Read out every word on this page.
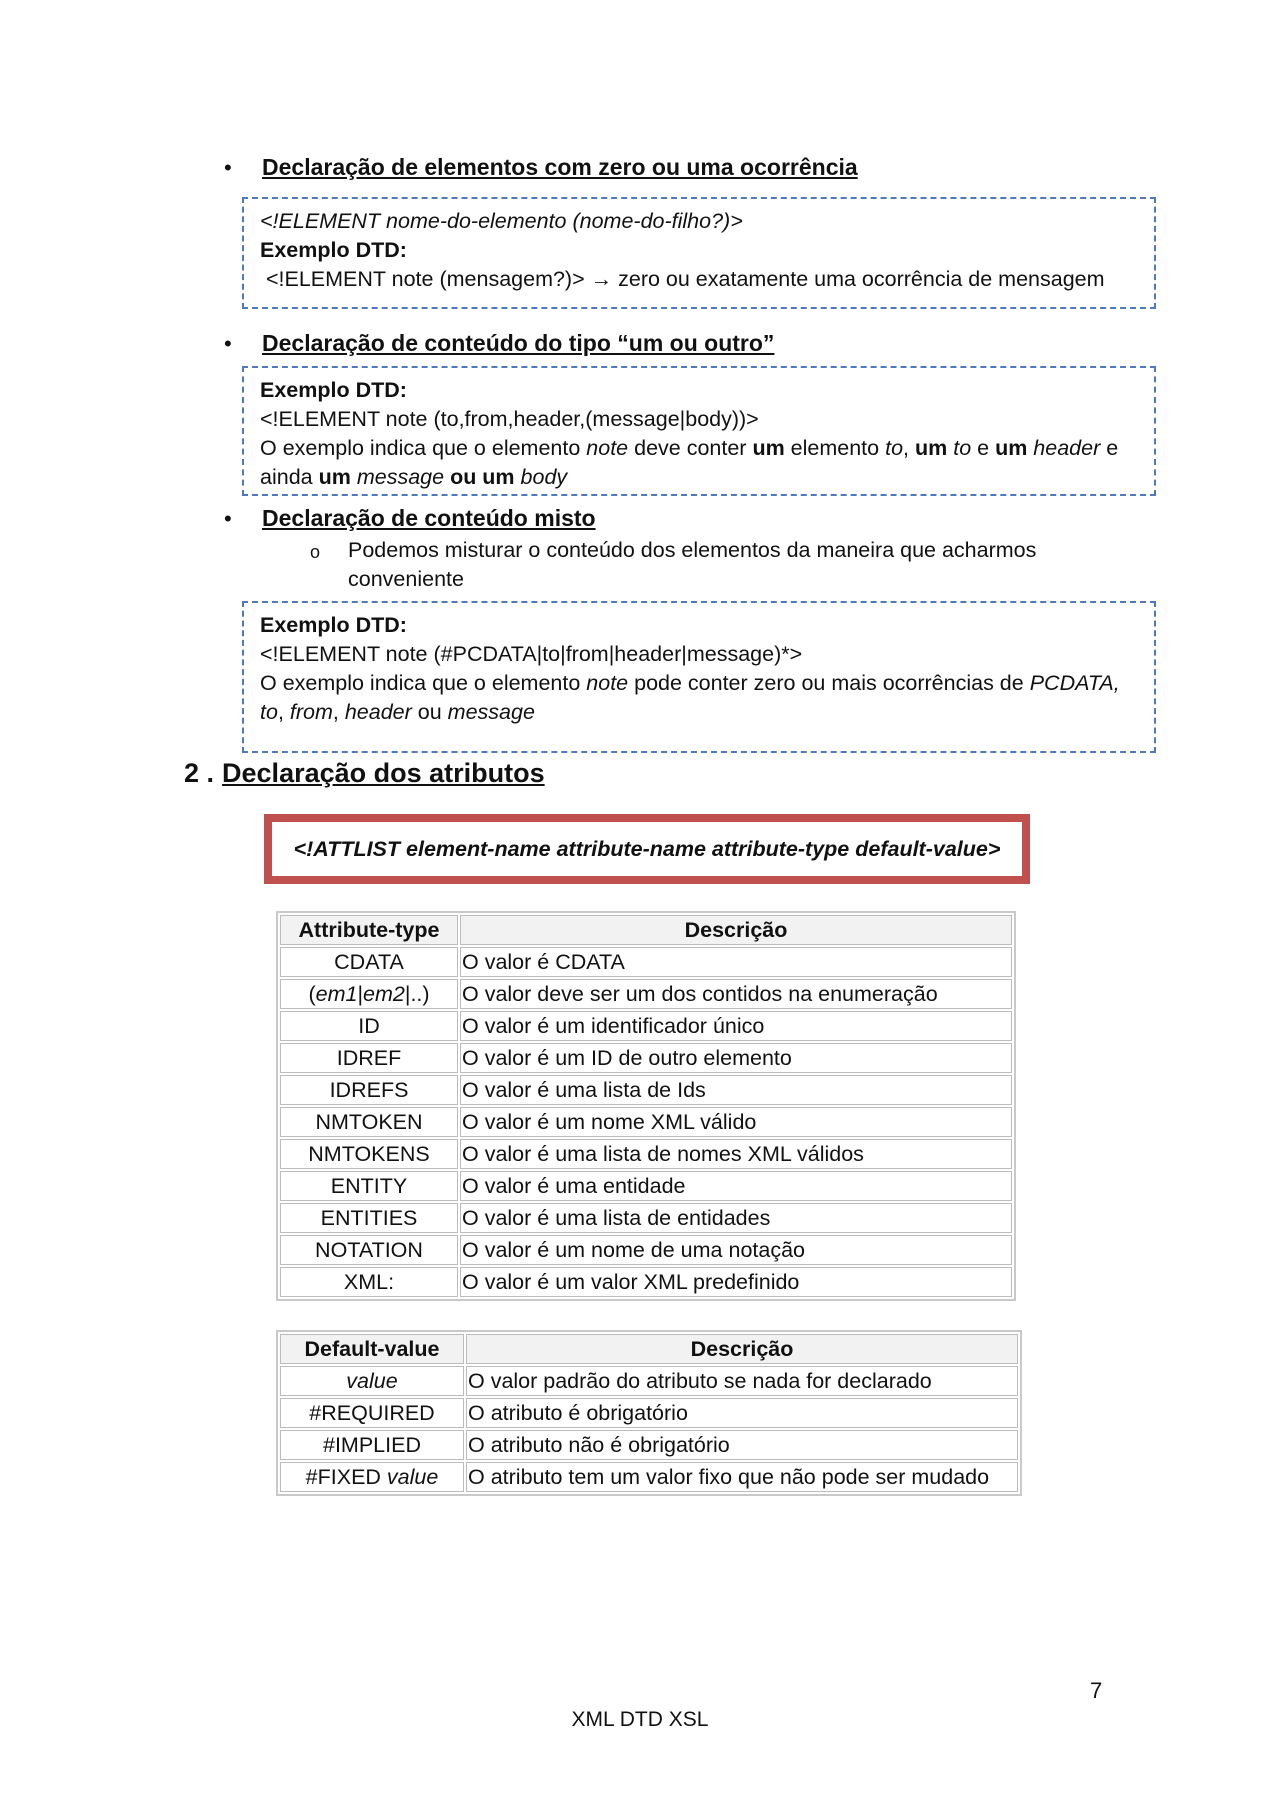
• Declaração de elementos com zero ou uma ocorrência
<!ELEMENT nome-do-elemento (nome-do-filho?)>
Exemplo DTD:
<!ELEMENT note (mensagem?)> → zero ou exatamente uma ocorrência de mensagem
• Declaração de conteúdo do tipo “um ou outro”
Exemplo DTD:
<!ELEMENT note (to,from,header,(message|body))>
O exemplo indica que o elemento note deve conter um elemento to, um to e um header e
ainda um message ou um body
• Declaração de conteúdo misto
o Podemos misturar o conteúdo dos elementos da maneira que acharmos conveniente
Exemplo DTD:
<!ELEMENT note (#PCDATA|to|from|header|message)*>
O exemplo indica que o elemento note pode conter zero ou mais ocorrências de PCDATA,
to, from, header ou message
2 . Declaração dos atributos
<!ATTLIST element-name attribute-name attribute-type default-value>
Attribute-type	Descrição
CDATA	O valor é CDATA
(em1|em2|..)	O valor deve ser um dos contidos na enumeração
ID	O valor é um identificador único
IDREF	O valor é um ID de outro elemento
IDREFS	O valor é uma lista de Ids
NMTOKEN	O valor é um nome XML válido
NMTOKENS	O valor é uma lista de nomes XML válidos
ENTITY	O valor é uma entidade
ENTITIES	O valor é uma lista de entidades
NOTATION	O valor é um nome de uma notação
XML:	O valor é um valor XML predefinido
Default-value	Descrição
value	O valor padrão do atributo se nada for declarado
#REQUIRED	O atributo é obrigatório
#IMPLIED	O atributo não é obrigatório
#FIXED value	O atributo tem um valor fixo que não pode ser mudado
7
XML DTD XSL
